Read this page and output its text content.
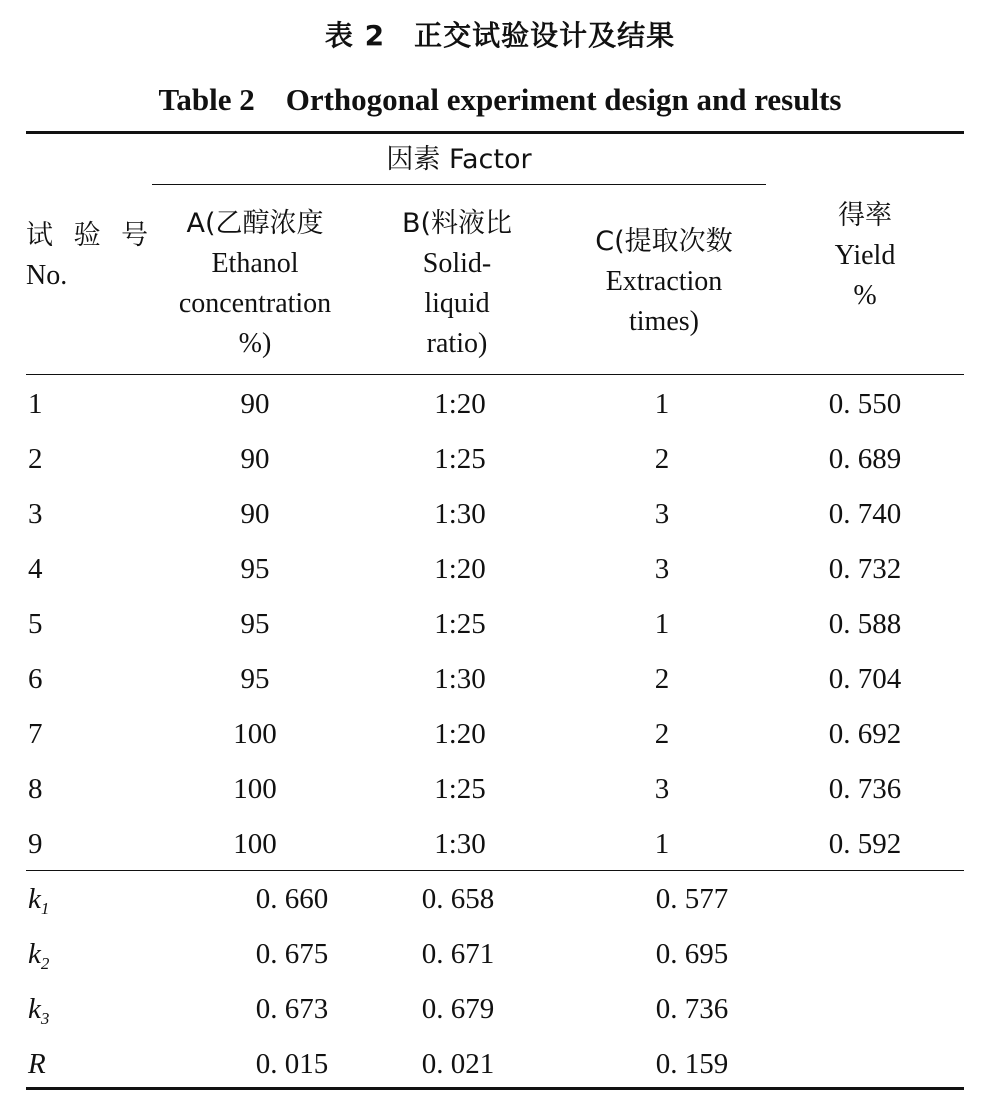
表 2　正交试验设计及结果
Table 2　Orthogonal experiment design and results
因素 Factor
试 验 号
No.
A(乙醇浓度
Ethanol
concentration
%)
B(料液比
Solid-
liquid
ratio)
C(提取次数
Extraction
times)
得率
Yield
%
1	90	1:20	1	0. 550
2	90	1:25	2	0. 689
3	90	1:30	3	0. 740
4	95	1:20	3	0. 732
5	95	1:25	1	0. 588
6	95	1:30	2	0. 704
7	100	1:20	2	0. 692
8	100	1:25	3	0. 736
9	100	1:30	1	0. 592
$k_1$	0. 660	0. 658	0. 577
$k_2$	0. 675	0. 671	0. 695
$k_3$	0. 673	0. 679	0. 736
R	0. 015	0. 021	0. 159
